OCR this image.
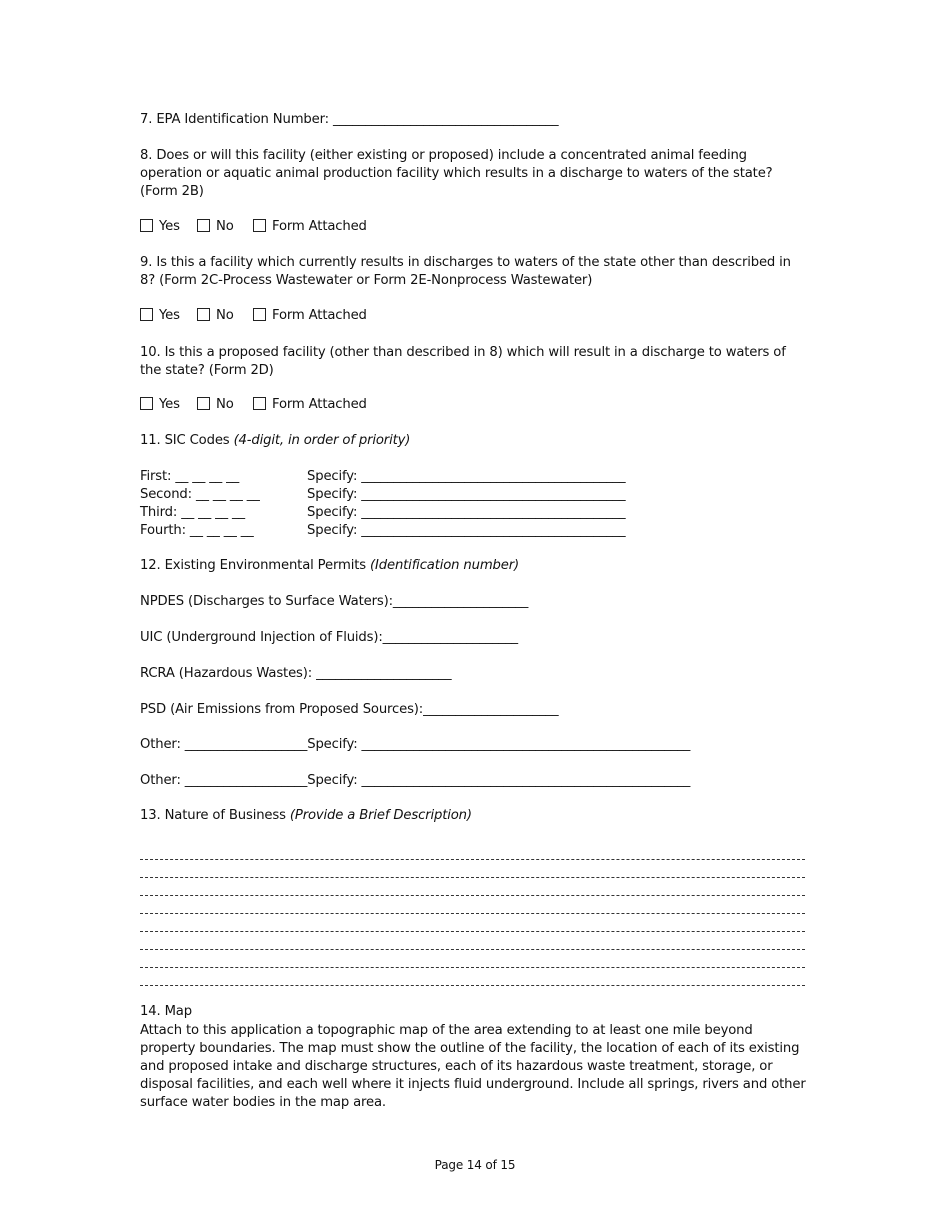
7. EPA Identification Number: ___________________________________
8. Does or will this facility (either existing or proposed) include a concentrated animal feeding operation or aquatic animal production facility which results in a discharge to waters of the state? (Form 2B)
Yes	No	Form Attached
9. Is this a facility which currently results in discharges to waters of the state other than described in 8? (Form 2C-Process Wastewater or Form 2E-Nonprocess Wastewater)
Yes	No	Form Attached
10. Is this a proposed facility (other than described in 8) which will result in a discharge to waters of the state? (Form 2D)
Yes	No	Form Attached
11. SIC Codes (4-digit, in order of priority)
First: __ __ __ __	Specify: _________________________________________
Second: __ __ __ __	Specify: _________________________________________
Third: __ __ __ __	Specify: _________________________________________
Fourth: __ __ __ __	Specify: _________________________________________
12. Existing Environmental Permits (Identification number)
NPDES (Discharges to Surface Waters):_____________________
UIC (Underground Injection of Fluids):_____________________
RCRA (Hazardous Wastes): _____________________
PSD (Air Emissions from Proposed Sources):_____________________
Other: ___________________Specify: ___________________________________________________
Other: ___________________Specify: ___________________________________________________
13. Nature of Business (Provide a Brief Description)
14. Map
Attach to this application a topographic map of the area extending to at least one mile beyond property boundaries. The map must show the outline of the facility, the location of each of its existing and proposed intake and discharge structures, each of its hazardous waste treatment, storage, or disposal facilities, and each well where it injects fluid underground. Include all springs, rivers and other surface water bodies in the map area.
Page 14 of 15
